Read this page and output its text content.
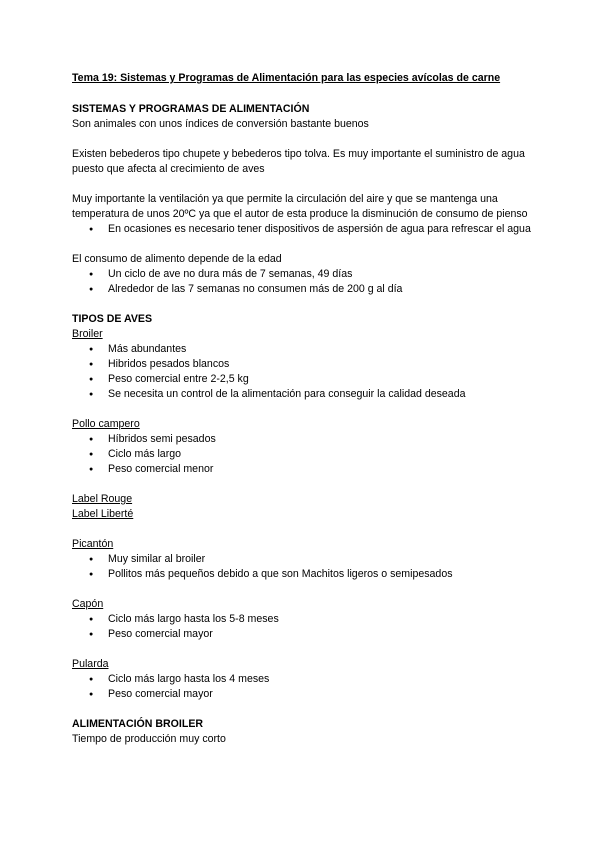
Tema 19: Sistemas y Programas de Alimentación para las especies avícolas de carne

SISTEMAS Y PROGRAMAS DE ALIMENTACIÓN

Son animales con unos índices de conversión bastante buenos

Existen bebederos tipo chupete y bebederos tipo tolva. Es muy importante el suministro de agua puesto que afecta al crecimiento de aves

Muy importante la ventilación ya que permite la circulación del aire y que se mantenga una temperatura de unos 20ºC ya que el autor de esta produce la disminución de consumo de pienso

● En ocasiones es necesario tener dispositivos de aspersión de agua para refrescar el agua

El consumo de alimento depende de la edad

● Un ciclo de ave no dura más de 7 semanas, 49 días
● Alrededor de las 7 semanas no consumen más de 200 g al día

TIPOS DE AVES

Broiler

● Más abundantes
● Hibridos pesados blancos
● Peso comercial entre 2-2,5 kg
● Se necesita un control de la alimentación para conseguir la calidad deseada

Pollo campero

● Híbridos semi pesados
● Ciclo más largo
● Peso comercial menor

Label Rouge

Label Liberté

Picantón

● Muy similar al broiler
● Pollitos más pequeños debido a que son Machitos ligeros o semipesados

Capón

● Ciclo más largo hasta los 5-8 meses
● Peso comercial mayor

Pularda

● Ciclo más largo hasta los 4 meses
● Peso comercial mayor

ALIMENTACIÓN BROILER

Tiempo de producción muy corto
